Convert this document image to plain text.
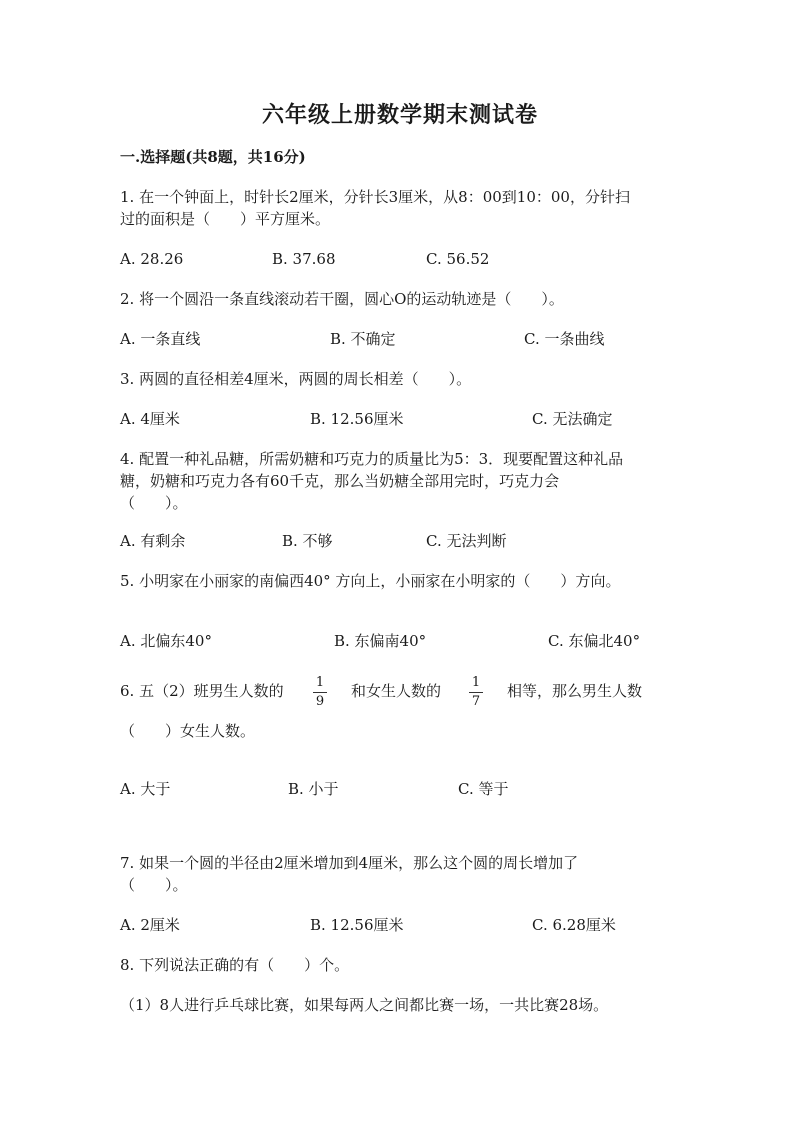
六年级上册数学期末测试卷
一.选择题(共8题，共16分)
1. 在一个钟面上，时针长2厘米，分针长3厘米，从8：00到10：00，分针扫
过的面积是（　　）平方厘米。
A. 28.26	B. 37.68	C. 56.52
2. 将一个圆沿一条直线滚动若干圈，圆心O的运动轨迹是（　　）。
A. 一条直线	B. 不确定	C. 一条曲线
3. 两圆的直径相差4厘米，两圆的周长相差（　　）。
A. 4厘米	B. 12.56厘米	C. 无法确定
4. 配置一种礼品糖，所需奶糖和巧克力的质量比为5：3．现要配置这种礼品
糖，奶糖和巧克力各有60千克，那么当奶糖全部用完时，巧克力会
（　　）。
A. 有剩余	B. 不够	C. 无法判断
5. 小明家在小丽家的南偏西40° 方向上，小丽家在小明家的（　　）方向。
A. 北偏东40°	B. 东偏南40°	C. 东偏北40°
6. 五（2）班男生人数的 1
9
和女生人数的 1
7
相等，那么男生人数
（　　）女生人数。
A. 大于	B. 小于	C. 等于
7. 如果一个圆的半径由2厘米增加到4厘米，那么这个圆的周长增加了
（　　）。
A. 2厘米	B. 12.56厘米	C. 6.28厘米
8. 下列说法正确的有（　　）个。
（1）8人进行乒乓球比赛，如果每两人之间都比赛一场，一共比赛28场。
